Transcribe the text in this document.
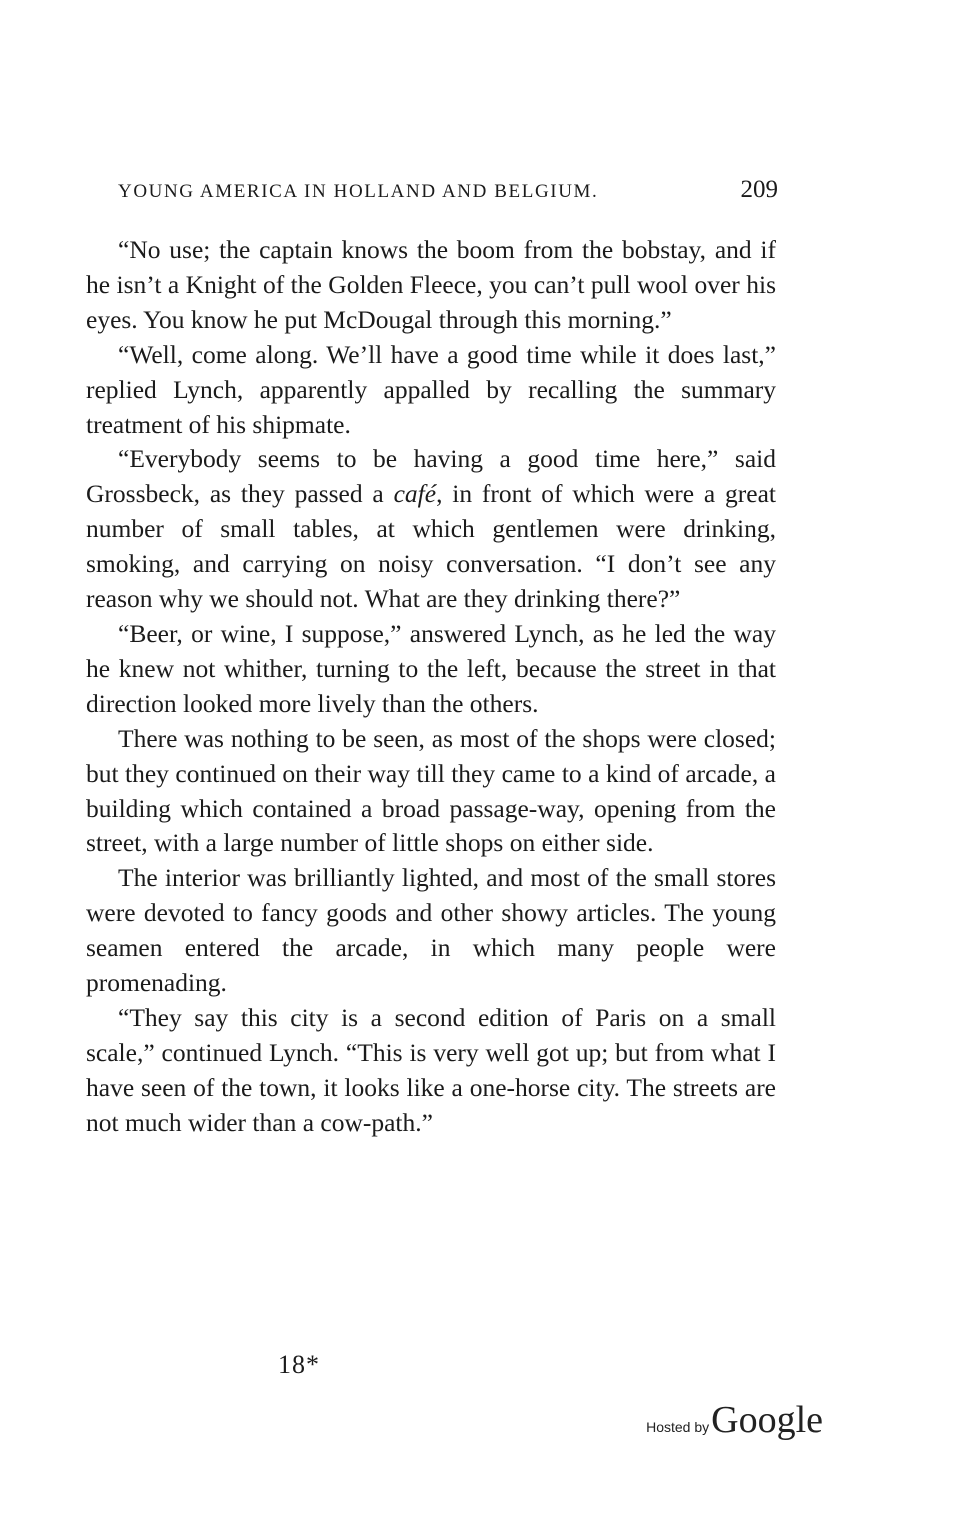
YOUNG AMERICA IN HOLLAND AND BELGIUM.	209

“No use; the captain knows the boom from the bobstay, and if he isn’t a Knight of the Golden Fleece, you can’t pull wool over his eyes. You know he put McDougal through this morning.”

“Well, come along. We’ll have a good time while it does last,” replied Lynch, apparently appalled by recalling the summary treatment of his shipmate.

“Everybody seems to be having a good time here,” said Grossbeck, as they passed a café, in front of which were a great number of small tables, at which gentlemen were drinking, smoking, and carrying on noisy conversation. “I don’t see any reason why we should not. What are they drinking there?”

“Beer, or wine, I suppose,” answered Lynch, as he led the way he knew not whither, turning to the left, because the street in that direction looked more lively than the others.

There was nothing to be seen, as most of the shops were closed; but they continued on their way till they came to a kind of arcade, a building which contained a broad passage-way, opening from the street, with a large number of little shops on either side.

The interior was brilliantly lighted, and most of the small stores were devoted to fancy goods and other showy articles. The young seamen entered the arcade, in which many people were promenading.

“They say this city is a second edition of Paris on a small scale,” continued Lynch. “This is very well got up; but from what I have seen of the town, it looks like a one-horse city. The streets are not much wider than a cow-path.”

18*
Hosted by Google
